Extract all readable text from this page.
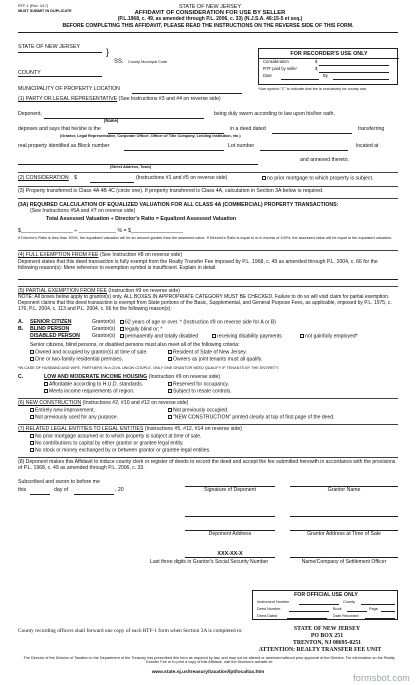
RTF-1 (Rev. 4/17)
MUST SUBMIT IN DUPLICATE
STATE OF NEW JERSEY
AFFIDAVIT OF CONSIDERATION FOR USE BY SELLER
(P.L.1968, c. 49, as amended through P.L. 2006, c. 33) (N.J.S.A. 46:15-5 et seq.)
BEFORE COMPLETING THIS AFFIDAVIT, PLEASE READ THE INSTRUCTIONS ON THE REVERSE SIDE OF THIS FORM.
STATE OF NEW JERSEY	}
SS. County Municipal Code
COUNTY
MUNICIPALITY OF PROPERTY LOCATION
FOR RECORDER'S USE ONLY
Consideration	$
RTF paid by seller	$
Date	By
*Use symbol "C" to indicate that fee is exclusively for county use.
(1) PARTY OR LEGAL REPRESENTATIVE (See Instructions #3 and #4 on reverse side)
Deponent,	being duly sworn according to law upon his/her oath,
(Name)
deposes and says that he/she is the	in a deed dated	transferring
(Grantor, Legal Representative, Corporate Officer, Officer of Title Company, Lending Institution, etc.)
real property identified as Block number	Lot number	located at
and annexed thereto.
(Street Address, Town)
(2) CONSIDERATION $	(Instructions #1 and #5 on reverse side)	no prior mortgage to which property is subject.
(3) Property transferred is Class 4A 4B 4C (circle one). If property transferred is Class 4A, calculation in Section 3A below is required.
(3A) REQUIRED CALCULATION OF EQUALIZED VALUATION FOR ALL CLASS 4A (COMMERCIAL) PROPERTY TRANSACTIONS:
(See Instructions #5A and #7 on reverse side)
Total Assessed Valuation ÷ Director's Ratio = Equalized Assessed Valuation
$__________________ ÷ _____________ % = $__________________
If Director's Ratio is less than 100%, the equalized valuation will be an amount greater than the assessed value. If Director's Ratio is equal to or in excess of 100%, the assessed value will be equal to the equalized valuation.
(4) FULL EXEMPTION FROM FEE (See Instruction #8 on reverse side)
Deponent states that this deed transaction is fully exempt from the Realty Transfer Fee imposed by P.L. 1968, c. 49 as amended through P.L. 2004, c. 66 for the following reason(s): Mere reference to exemption symbol is insufficient. Explain in detail.
(5) PARTIAL EXEMPTION FROM FEE (Instruction #9 on reverse side)
NOTE: All boxes below apply to grantor(s) only. ALL BOXES IN APPROPRIATE CATEGORY MUST BE CHECKED. Failure to do so will void claim for partial exemption. Deponent claims that this deed transaction is exempt from State portions of the Basic, Supplemental, and General Purpose Fees, as applicable, imposed by P.L. 1975, c. 176, P.L. 2004, c. 113 and P.L. 2004, c. 66 for the following reason(s):
A. SENIOR CITIZEN	Grantor(s)	62 years of age or over. * (Instruction #9 on reverse side for A or B)
B. BLIND PERSON	Grantor(s)	legally blind or; *
DISABLED PERSON Grantor(s)	permanently and totally disabled	receiving disability payments	not gainfully employed*
Senior citizens, blind persons, or disabled persons must also meet all of the following criteria:
Owned and occupied by grantor(s) at time of sale.	Resident of State of New Jersey.
One or two-family residential premises.	Owners as joint tenants must all qualify.
*IN CASE OF HUSBAND AND WIFE, PARTNERS IN A CIVIL UNION COUPLE, ONLY ONE GRANTOR NEED QUALIFY IF TENANTS BY THE ENTIRETY.
C.	LOW AND MODERATE INCOME HOUSING (Instruction #9 on reverse side)
Affordable according to H.U.D. standards.	Reserved for occupancy.
Meets income requirements of region.	Subject to resale controls.
(6) NEW CONSTRUCTION (Instructions #2, #10 and #12 on reverse side)
Entirely new improvement.	Not previously occupied.
Not previously used for any purpose.	"NEW CONSTRUCTION" printed clearly at top of first page of the deed.
(7) RELATED LEGAL ENTITIES TO LEGAL ENTITIES (Instructions #5, #12, #14 on reverse side)
No prior mortgage assumed or to which property is subject at time of sale.
No contributions to capital by either grantor or grantee legal entity.
No stock or money exchanged by or between grantor or grantee legal entities.
(8) Deponent makes this Affidavit to induce county clerk or register of deeds to record the deed and accept the fee submitted herewith in accordance with the provisions of P.L. 1968, c. 49 as amended through P.L. 2006, c. 33.
Subscribed and sworn to before me
this	day of	, 20	Signature of Deponent	Grantor Name
Deponent Address	Grantor Address at Time of Sale
XXX-XX-X
Last three digits in Grantor's Social Security Number	Name/Company of Settlement Officer
FOR OFFICIAL USE ONLY
Instrument Number	County
Deed Number	Book	Page
Deed Dated	Date Recorded
County recording officers shall forward one copy of each RTF-1 form when Section 3A is completed to:	STATE OF NEW JERSEY
PO BOX 251
TRENTON, NJ 08695-0251
ATTENTION: REALTY TRANSFER FEE UNIT
The Director of the Division of Taxation in the Department of the Treasury has prescribed this form as required by law, and may not be altered or amended without prior approval of the Director. For information on the Realty Transfer Fee or to print a copy of this Affidavit, visit the Division's website at:
www.state.nj.us/treasury/taxation/lpt/localtax.htm
formsbot.com
